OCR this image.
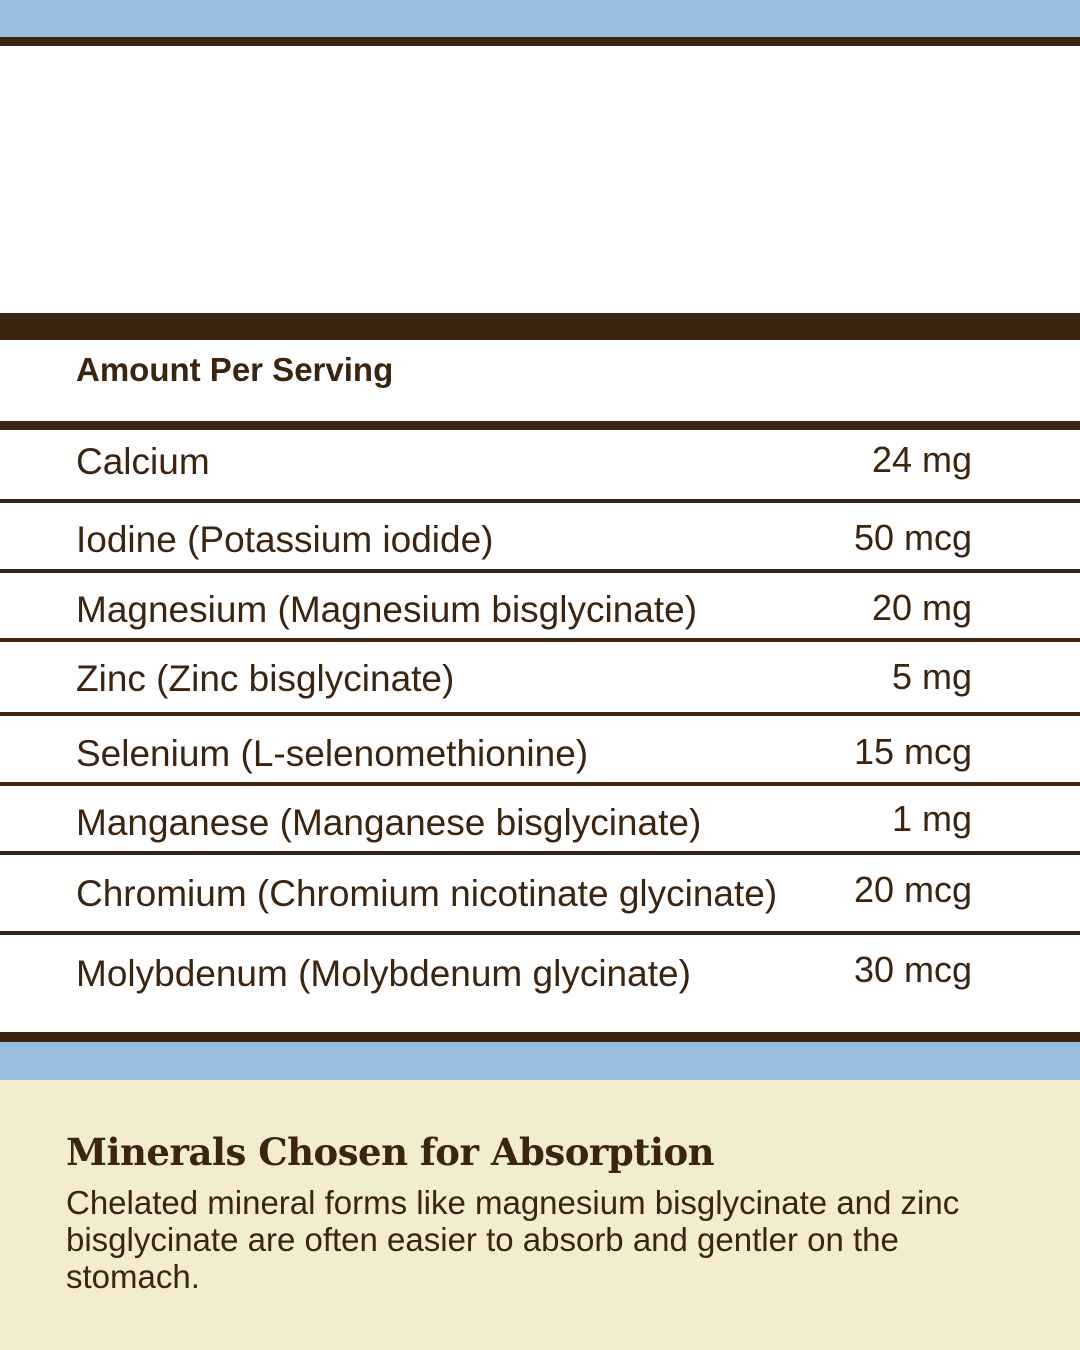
Amount Per Serving
Calcium	24 mg
Iodine (Potassium iodide)	50 mcg
Magnesium (Magnesium bisglycinate)	20 mg
Zinc (Zinc bisglycinate)	5 mg
Selenium (L-selenomethionine)	15 mcg
Manganese (Manganese bisglycinate)	1 mg
Chromium (Chromium nicotinate glycinate) 20 mcg
Molybdenum (Molybdenum glycinate)	30 mcg
Minerals Chosen for Absorption
Chelated mineral forms like magnesium bisglycinate and zinc bisglycinate are often easier to absorb and gentler on the stomach.
